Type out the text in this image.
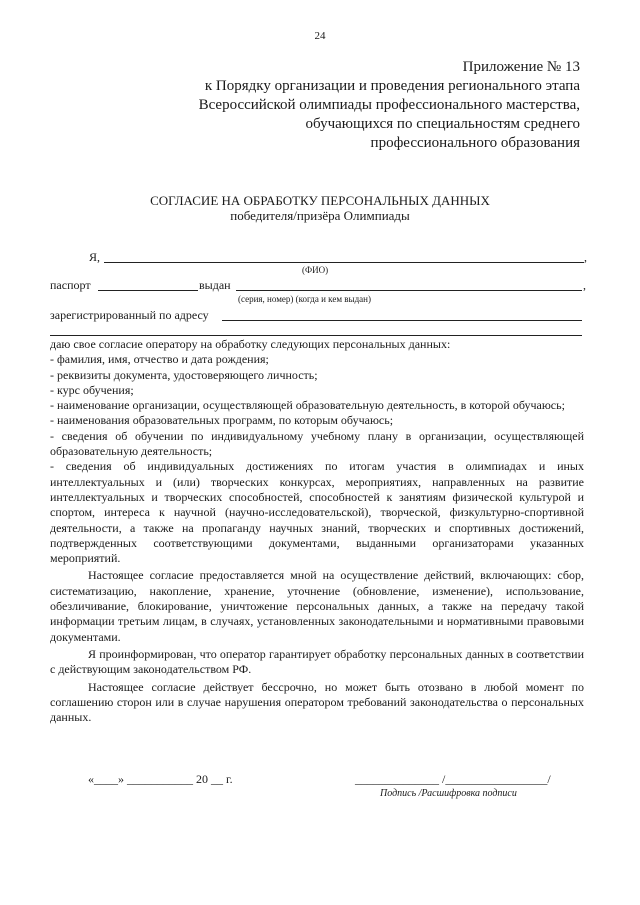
24
Приложение № 13
к Порядку организации и проведения регионального этапа
Всероссийской олимпиады профессионального мастерства,
обучающихся по специальностям среднего
профессионального образования
СОГЛАСИЕ НА ОБРАБОТКУ ПЕРСОНАЛЬНЫХ ДАННЫХ
победителя/призёра Олимпиады
Я,	,
(ФИО)
паспорт	выдан	,
(серия, номер) (когда и кем выдан)
зарегистрированный по адресу

даю свое согласие оператору на обработку следующих персональных данных:

- фамилия, имя, отчество и дата рождения;

- реквизиты документа, удостоверяющего личность;

- курс обучения;

- наименование организации, осуществляющей образовательную деятельность, в которой обучаюсь;

- наименования образовательных программ, по которым обучаюсь;

- сведения об обучении по индивидуальному учебному плану в организации, осуществляющей образовательную деятельность;

- сведения об индивидуальных достижениях по итогам участия в олимпиадах и иных интеллектуальных и (или) творческих конкурсах, мероприятиях, направленных на развитие интеллектуальных и творческих способностей, способностей к занятиям физической культурой и спортом, интереса к научной (научно-исследовательской), творческой, физкультурно-спортивной деятельности, а также на пропаганду научных знаний, творческих и спортивных достижений, подтвержденных соответствующими документами, выданными организаторами указанных мероприятий.

Настоящее согласие предоставляется мной на осуществление действий, включающих: сбор, систематизацию, накопление, хранение, уточнение (обновление, изменение), использование, обезличивание, блокирование, уничтожение персональных данных, а также на передачу такой информации третьим лицам, в случаях, установленных законодательными и нормативными правовыми документами.

Я проинформирован, что оператор гарантирует обработку персональных данных в соответствии с действующим законодательством РФ.

Настоящее согласие действует бессрочно, но может быть отозвано в любой момент по соглашению сторон или в случае нарушения оператором требований законодательства о персональных данных.

«____» ___________ 20 __ г.	______________ /_________________/
Подпись /Расшифровка подписи
